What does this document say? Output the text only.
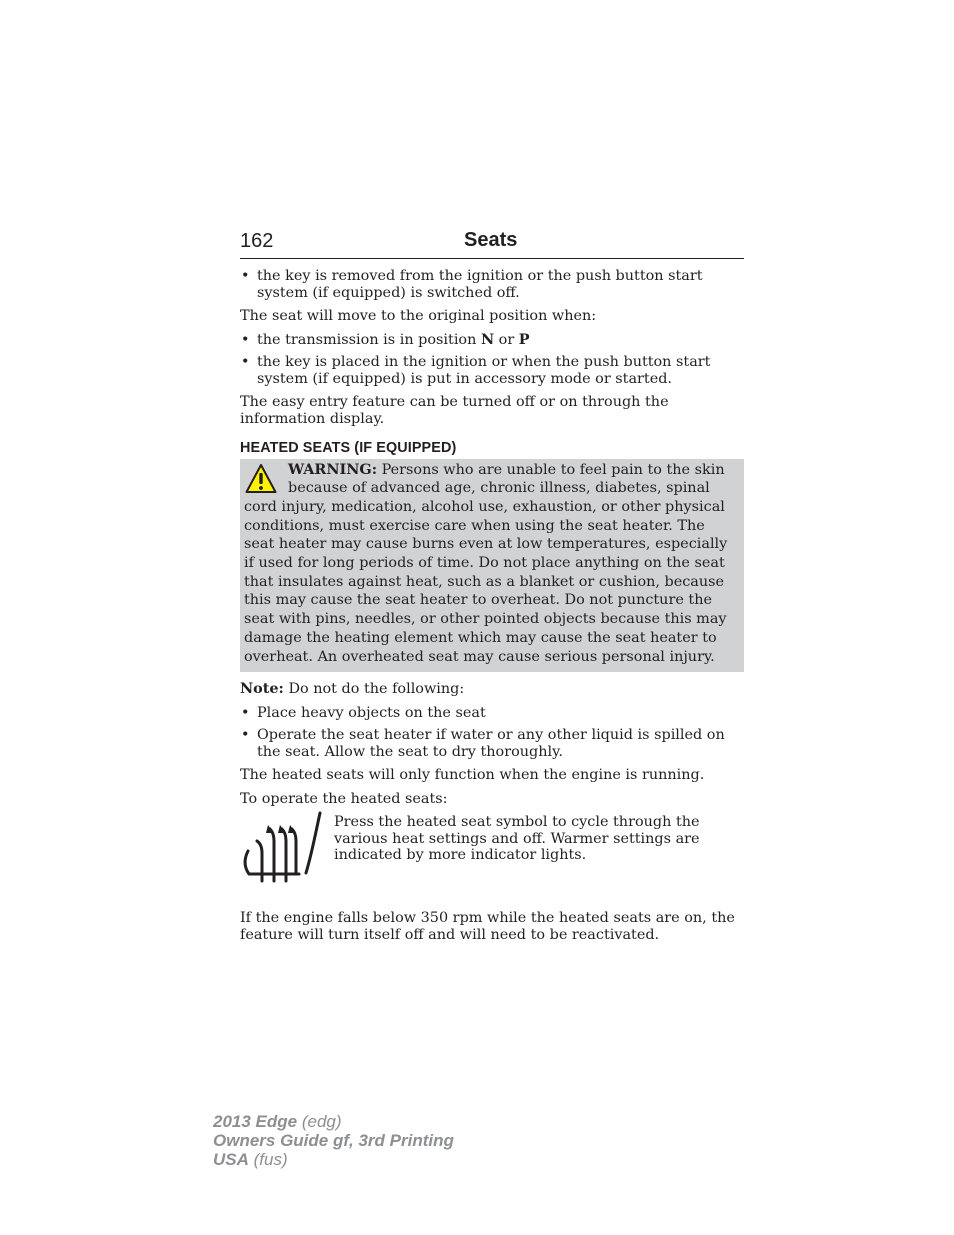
162	Seats
• the key is removed from the ignition or the push button start system (if equipped) is switched off.

The seat will move to the original position when:

• the transmission is in position N or P
• the key is placed in the ignition or when the push button start system (if equipped) is put in accessory mode or started.

The easy entry feature can be turned off or on through the information display.

HEATED SEATS (IF EQUIPPED)
WARNING: Persons who are unable to feel pain to the skin because of advanced age, chronic illness, diabetes, spinal cord injury, medication, alcohol use, exhaustion, or other physical conditions, must exercise care when using the seat heater. The seat heater may cause burns even at low temperatures, especially if used for long periods of time. Do not place anything on the seat that insulates against heat, such as a blanket or cushion, because this may cause the seat heater to overheat. Do not puncture the seat with pins, needles, or other pointed objects because this may damage the heating element which may cause the seat heater to overheat. An overheated seat may cause serious personal injury.

Note: Do not do the following:

• Place heavy objects on the seat
• Operate the seat heater if water or any other liquid is spilled on the seat. Allow the seat to dry thoroughly.

The heated seats will only function when the engine is running.

To operate the heated seats:

Press the heated seat symbol to cycle through the various heat settings and off. Warmer settings are indicated by more indicator lights.

If the engine falls below 350 rpm while the heated seats are on, the feature will turn itself off and will need to be reactivated.

2013 Edge (edg)
Owners Guide gf, 3rd Printing
USA (fus)
